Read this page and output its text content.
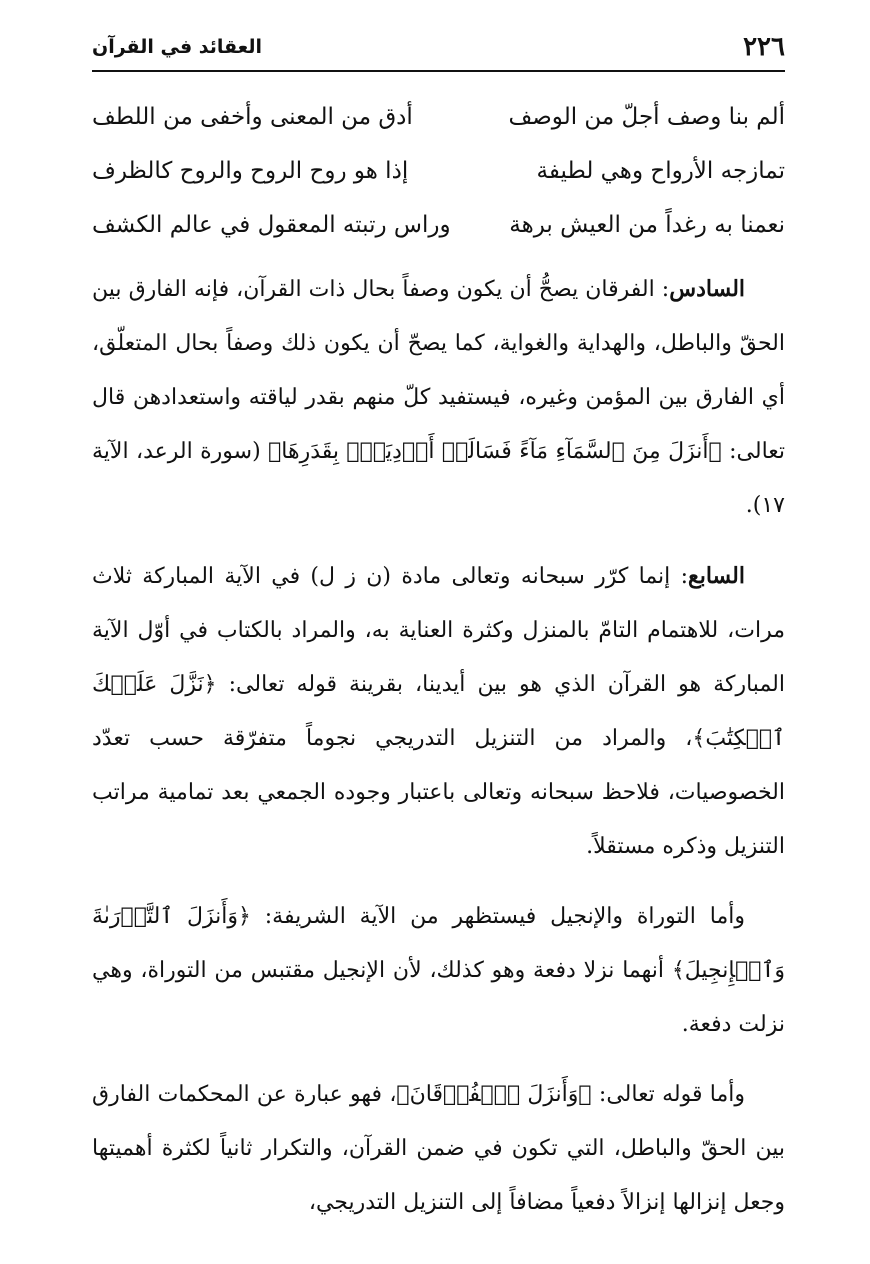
٢٢٦
العقائد في القرآن
ألم بنا وصف أجلّ من الوصف
أدق من المعنى وأخفى من اللطف
تمازجه الأرواح وهي لطيفة
إذا هو روح الروح والروح كالظرف
نعمنا به رغداً من العيش برهة
وراس رتبته المعقول في عالم الكشف

السادس: الفرقان يصحُّ أن يكون وصفاً بحال ذات القرآن، فإنه الفارق بين الحقّ والباطل، والهداية والغواية، كما يصحّ أن يكون ذلك وصفاً بحال المتعلّق، أي الفارق بين المؤمن وغيره، فيستفيد كلّ منهم بقدر لياقته واستعدادهن قال تعالى: ﴿أَنزَلَ مِنَ ٱلسَّمَآءِ مَآءً فَسَالَتۡ أَوۡدِيَةُۢ بِقَدَرِهَا﴾ (سورة الرعد، الآية ١٧).

السابع: إنما كرّر سبحانه وتعالى مادة (ن ز ل) في الآية المباركة ثلاث مرات، للاهتمام التامّ بالمنزل وكثرة العناية به، والمراد بالكتاب في أوّل الآية المباركة هو القرآن الذي هو بين أيدينا، بقرينة قوله تعالى: ﴿نَزَّلَ عَلَيۡكَ ٱلۡكِتَٰبَ﴾، والمراد من التنزيل التدريجي نجوماً متفرّقة حسب تعدّد الخصوصيات، فلاحظ سبحانه وتعالى باعتبار وجوده الجمعي بعد تمامية مراتب التنزيل وذكره مستقلاً.

وأما التوراة والإنجيل فيستظهر من الآية الشريفة: ﴿وَأَنزَلَ ٱلتَّوۡرَىٰةَ وَٱلۡإِنجِيلَ﴾ أنهما نزلا دفعة وهو كذلك، لأن الإنجيل مقتبس من التوراة، وهي نزلت دفعة.

وأما قوله تعالى: ﴿وَأَنزَلَ ٱلۡفُرۡقَانَ﴾، فهو عبارة عن المحكمات الفارق بين الحقّ والباطل، التي تكون في ضمن القرآن، والتكرار ثانياً لكثرة أهميتها وجعل إنزالها إنزالاً دفعياً مضافاً إلى التنزيل التدريجي،
